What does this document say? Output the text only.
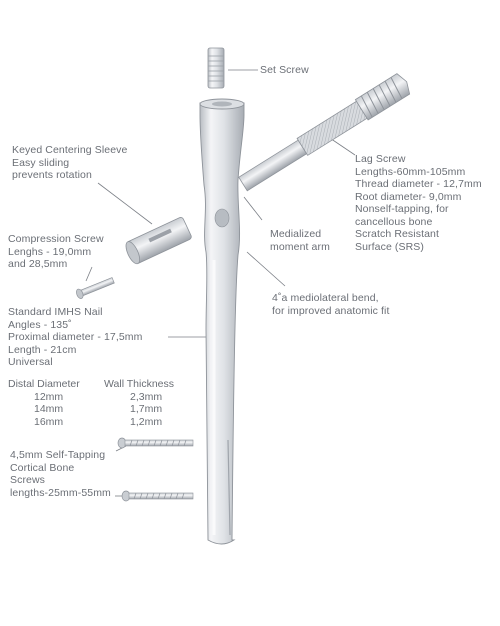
Set Screw
Keyed Centering Sleeve
Easy sliding
prevents rotation
Lag Screw
Lengths-60mm-105mm
Thread diameter - 12,7mm
Root diameter- 9,0mm
Nonself-tapping, for
cancellous bone
Scratch Resistant
Surface (SRS)
Medialized
moment arm
Compression Screw
Lenghs - 19,0mm
and 28,5mm
4˚a mediolateral bend,
for improved anatomic fit
Standard IMHS Nail
Angles - 135˚
Proximal diameter - 17,5mm
Length - 21cm
Universal
Distal Diameter Wall Thickness
12mm	2,3mm
14mm	1,7mm
16mm	1,2mm
4,5mm Self-Tapping
Cortical Bone
Screws
lengths-25mm-55mm
